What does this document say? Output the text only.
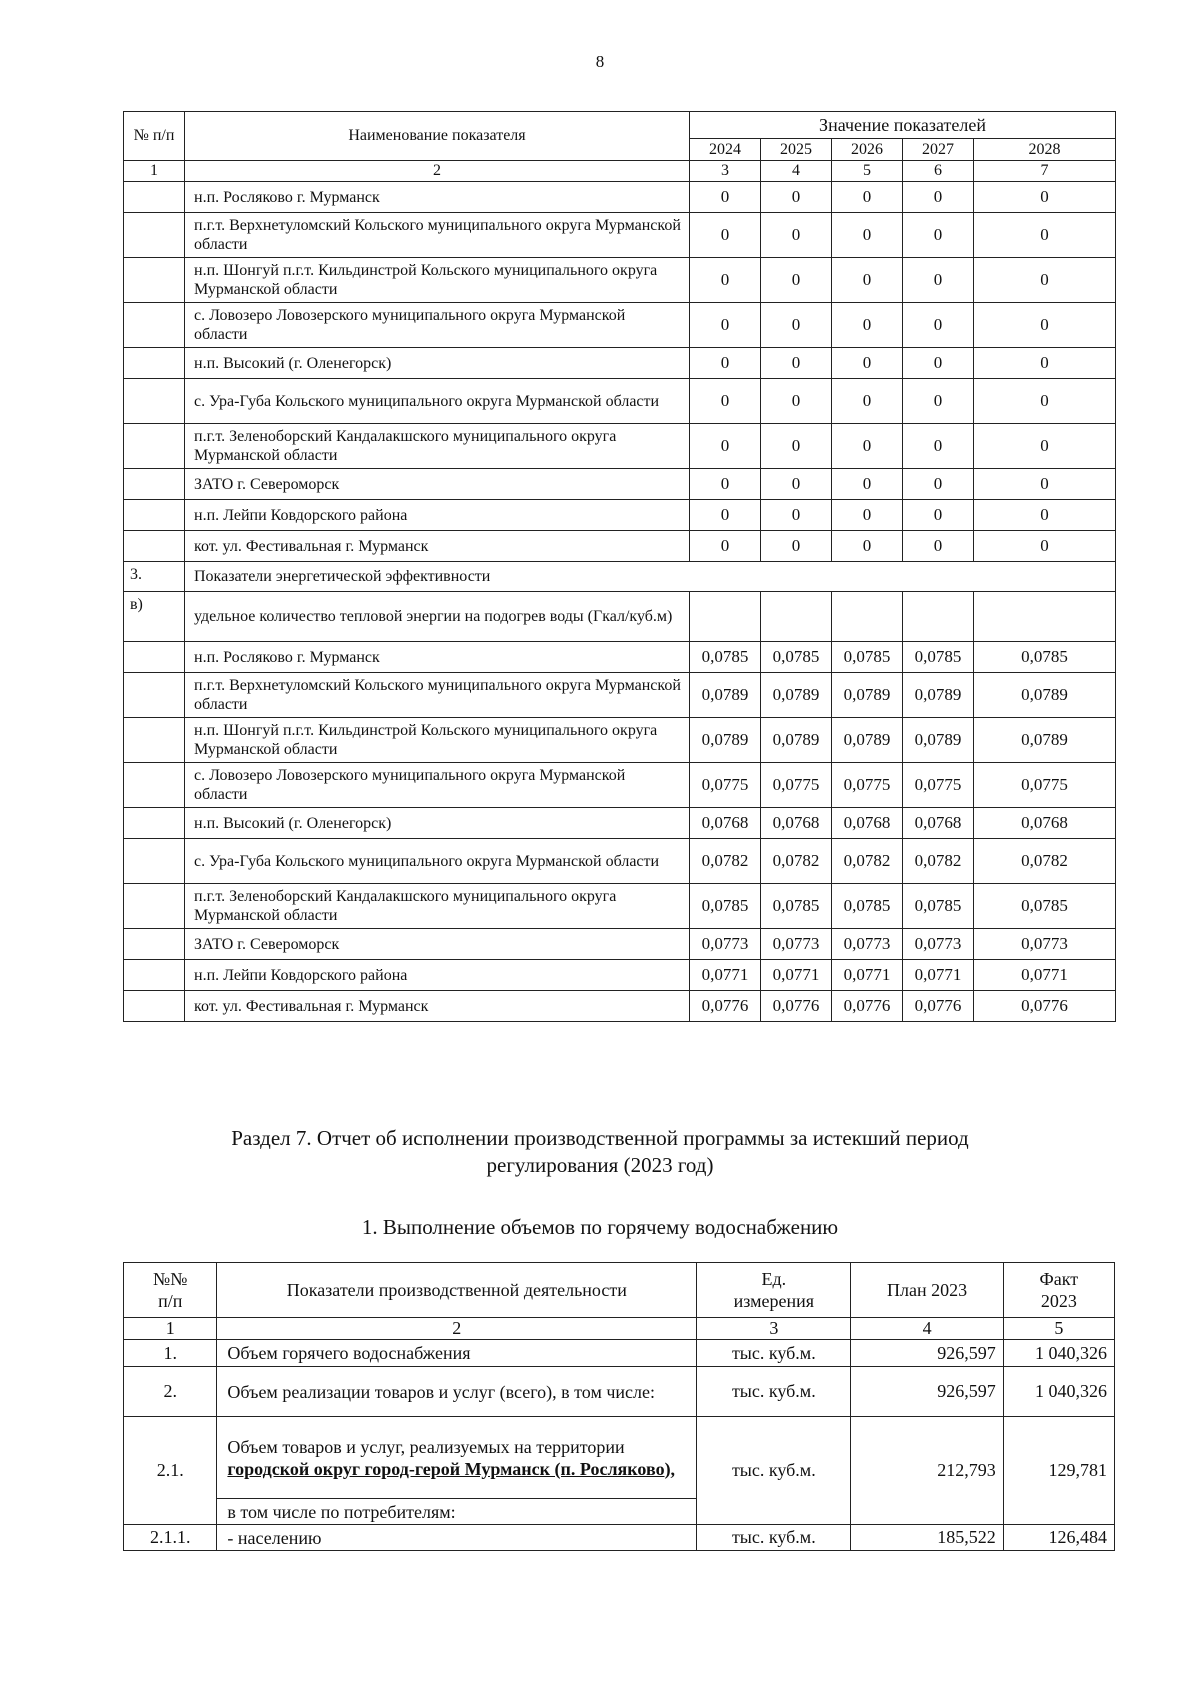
8
№ п/п	Наименование показателя	Значение показателей				
		2024	2025	2026	2027	2028
1	2	3	4	5	6	7
	н.п. Росляково г. Мурманск	0	0	0	0	0
	п.г.т. Верхнетуломский Кольского муниципального округа Мурманской области	0	0	0	0	0
	н.п. Шонгуй п.г.т. Кильдинстрой Кольского муниципального округа Мурманской области	0	0	0	0	0
	с. Ловозеро Ловозерского муниципального округа Мурманской области	0	0	0	0	0
	н.п. Высокий (г. Оленегорск)	0	0	0	0	0
	с. Ура-Губа Кольского муниципального округа Мурманской области	0	0	0	0	0
	п.г.т. Зеленоборский Кандалакшского муниципального округа Мурманской области	0	0	0	0	0
	ЗАТО г. Североморск	0	0	0	0	0
	н.п. Лейпи Ковдорского района	0	0	0	0	0
	кот. ул. Фестивальная г. Мурманск	0	0	0	0	0
3.	Показатели энергетической эффективности					
в)	удельное количество тепловой энергии на подогрев воды (Гкал/куб.м)					
	н.п. Росляково г. Мурманск	0,0785	0,0785	0,0785	0,0785	0,0785
	п.г.т. Верхнетуломский Кольского муниципального округа Мурманской области	0,0789	0,0789	0,0789	0,0789	0,0789
	н.п. Шонгуй п.г.т. Кильдинстрой Кольского муниципального округа Мурманской области	0,0789	0,0789	0,0789	0,0789	0,0789
	с. Ловозеро Ловозерского муниципального округа Мурманской области	0,0775	0,0775	0,0775	0,0775	0,0775
	н.п. Высокий (г. Оленегорск)	0,0768	0,0768	0,0768	0,0768	0,0768
	с. Ура-Губа Кольского муниципального округа Мурманской области	0,0782	0,0782	0,0782	0,0782	0,0782
	п.г.т. Зеленоборский Кандалакшского муниципального округа Мурманской области	0,0785	0,0785	0,0785	0,0785	0,0785
	ЗАТО г. Североморск	0,0773	0,0773	0,0773	0,0773	0,0773
	н.п. Лейпи Ковдорского района	0,0771	0,0771	0,0771	0,0771	0,0771
	кот. ул. Фестивальная г. Мурманск	0,0776	0,0776	0,0776	0,0776	0,0776
Раздел 7. Отчет об исполнении производственной программы за истекший период
регулирования (2023 год)
1. Выполнение объемов по горячему водоснабжению
№№ п/п	Показатели производственной деятельности	Ед. измерения	План 2023	Факт 2023

1	2	3	4	5
1.	Объем горячего водоснабжения	тыс. куб.м.	926,597	1 040,326
2.	Объем реализации товаров и услуг (всего), в том числе:	тыс. куб.м.	926,597	1 040,326
2.1.	Объем товаров и услуг, реализуемых на территории городской округ город-герой Мурманск (п. Росляково),	тыс. куб.м.	212,793	129,781
	в том числе по потребителям:			
2.1.1.	- населению	тыс. куб.м.	185,522	126,484
